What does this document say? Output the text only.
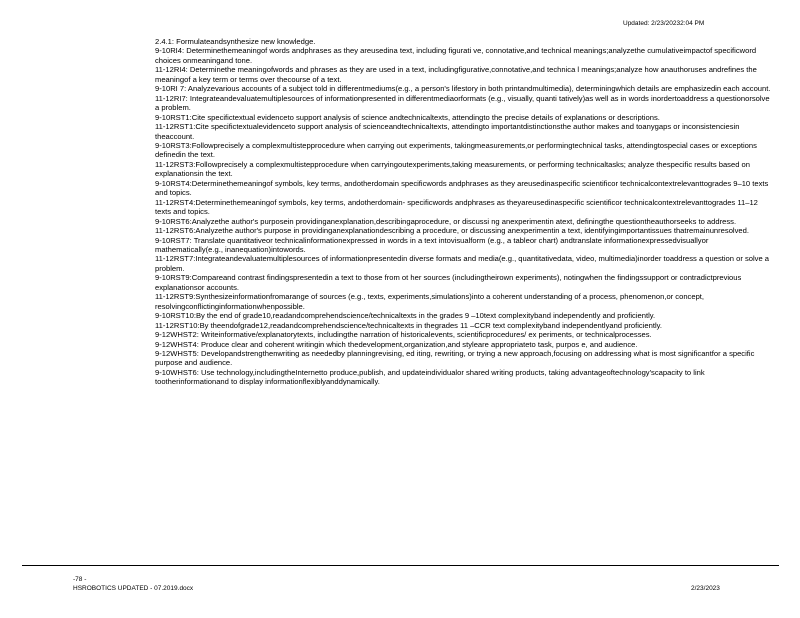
Updated: 2/23/20232:04 PM

2.4.1: Formulateandsynthesize new knowledge.

9-10RI4: Determinethemeaningof words andphrases as they areusedina text, including figurati ve, connotative,and technical meanings;analyzethe cumulativeimpactof specificword choices onmeaningand tone.

11-12RI4: Determinethe meaningofwords and phrases as they are used in a text, includingfigurative,connotative,and technica l meanings;analyze how anauthoruses andrefines the meaningof a key term or terms over thecourse of a text.

9-10RI 7: Analyzevarious accounts of a subject told in differentmediums(e.g., a person's lifestory in both printandmultimedia), determiningwhich details are emphasizedin each account.

11-12RI7: Integrateandevaluatemultiplesources of informationpresented in differentmediaorformats (e.g., visually, quanti tatively)as well as in words inordertoaddress a questionorsolve a problem.

9-10RST1:Cite specifictextual evidenceto support analysis of science andtechnicaltexts, attendingto the precise details of explanations or descriptions.

11-12RST1:Cite specifictextualevidenceto support analysis of scienceandtechnicaltexts, attendingto importantdistinctionsthe author makes and toanygaps or inconsistenciesin theaccount.

9-10RST3:Followprecisely a complexmultistepprocedure when carrying out experiments, takingmeasurements,or performingtechnical tasks, attendingtospecial cases or exceptions definedin the text.

11-12RST3:Followprecisely a complexmultistepprocedure when carryingoutexperiments,taking measurements, or performing technicaltasks; analyze thespecific results based on explanationsin the text.

9-10RST4:Determinethemeaningof symbols, key terms, andotherdomain specificwords andphrases as they areusedinaspecific scientificor technicalcontextrelevanttogrades 9–10 texts and topics.

11-12RST4:Determinethemeaningof symbols, key terms, andotherdomain- specificwords andphrases as theyareusedinaspecific scientificor technicalcontextrelevanttogrades 11–12 texts and topics.

9-10RST6:Analyzethe author's purposein providinganexplanation,describingaprocedure, or discussi ng anexperimentin atext, definingthe questiontheauthorseeks to address.

11-12RST6:Analyzethe author's purpose in providinganexplanationdescribing a procedure, or discussing anexperimentin a text, identifyingimportantissues thatremainunresolved.

9-10RST7: Translate quantitativeor technicalinformationexpressed in words in a text intovisualform (e.g., a tableor chart) andtranslate informationexpressedvisuallyor mathematically(e.g., inanequation)intowords.

11-12RST7:Integrateandevaluatemultiplesources of informationpresentedin diverse formats and media(e.g., quantitativedata, video, multimedia)inorder toaddress a question or solve a problem.

9-10RST9:Compareand contrast findingspresentedin a text to those from ot her sources (includingtheirown experiments), notingwhen the findingssupport or contradictprevious explanationsor accounts.

11-12RST9:Synthesizeinformationfromarange of sources (e.g., texts, experiments,simulations)into a coherent understanding of a process, phenomenon,or concept, resolvingconflictinginformationwhenpossible.

9-10RST10:By the end of grade10,readandcomprehendscience/technicaltexts in the grades 9 –10text complexityband independently and proficiently.

11-12RST10:By theendofgrade12,readandcomprehendscience/technicaltexts in thegrades 11 –CCR text complexityband independentlyand proficiently.

9-12WHST2: Writeinformative/explanatorytexts, includingthe narration of historicalevents, scientificprocedures/ ex periments, or technicalprocesses.

9-12WHST4: Produce clear and coherent writingin which thedevelopment,organization,and styleare appropriateto task, purpos e, and audience.

9-12WHST5: Developandstrengthenwriting as neededby planningrevising, ed iting, rewriting, or trying a new approach,focusing on addressing what is most significantfor a specific purpose and audience.

9-10WHST6: Use technology,includingtheInternetto produce,publish, and updateindividualor shared writing products, taking advantageoftechnology'scapacity to link tootherinformationand to display informationflexiblyanddynamically.

-78 -
HSROBOTICS UPDATED - 07.2019.docx	2/23/2023
